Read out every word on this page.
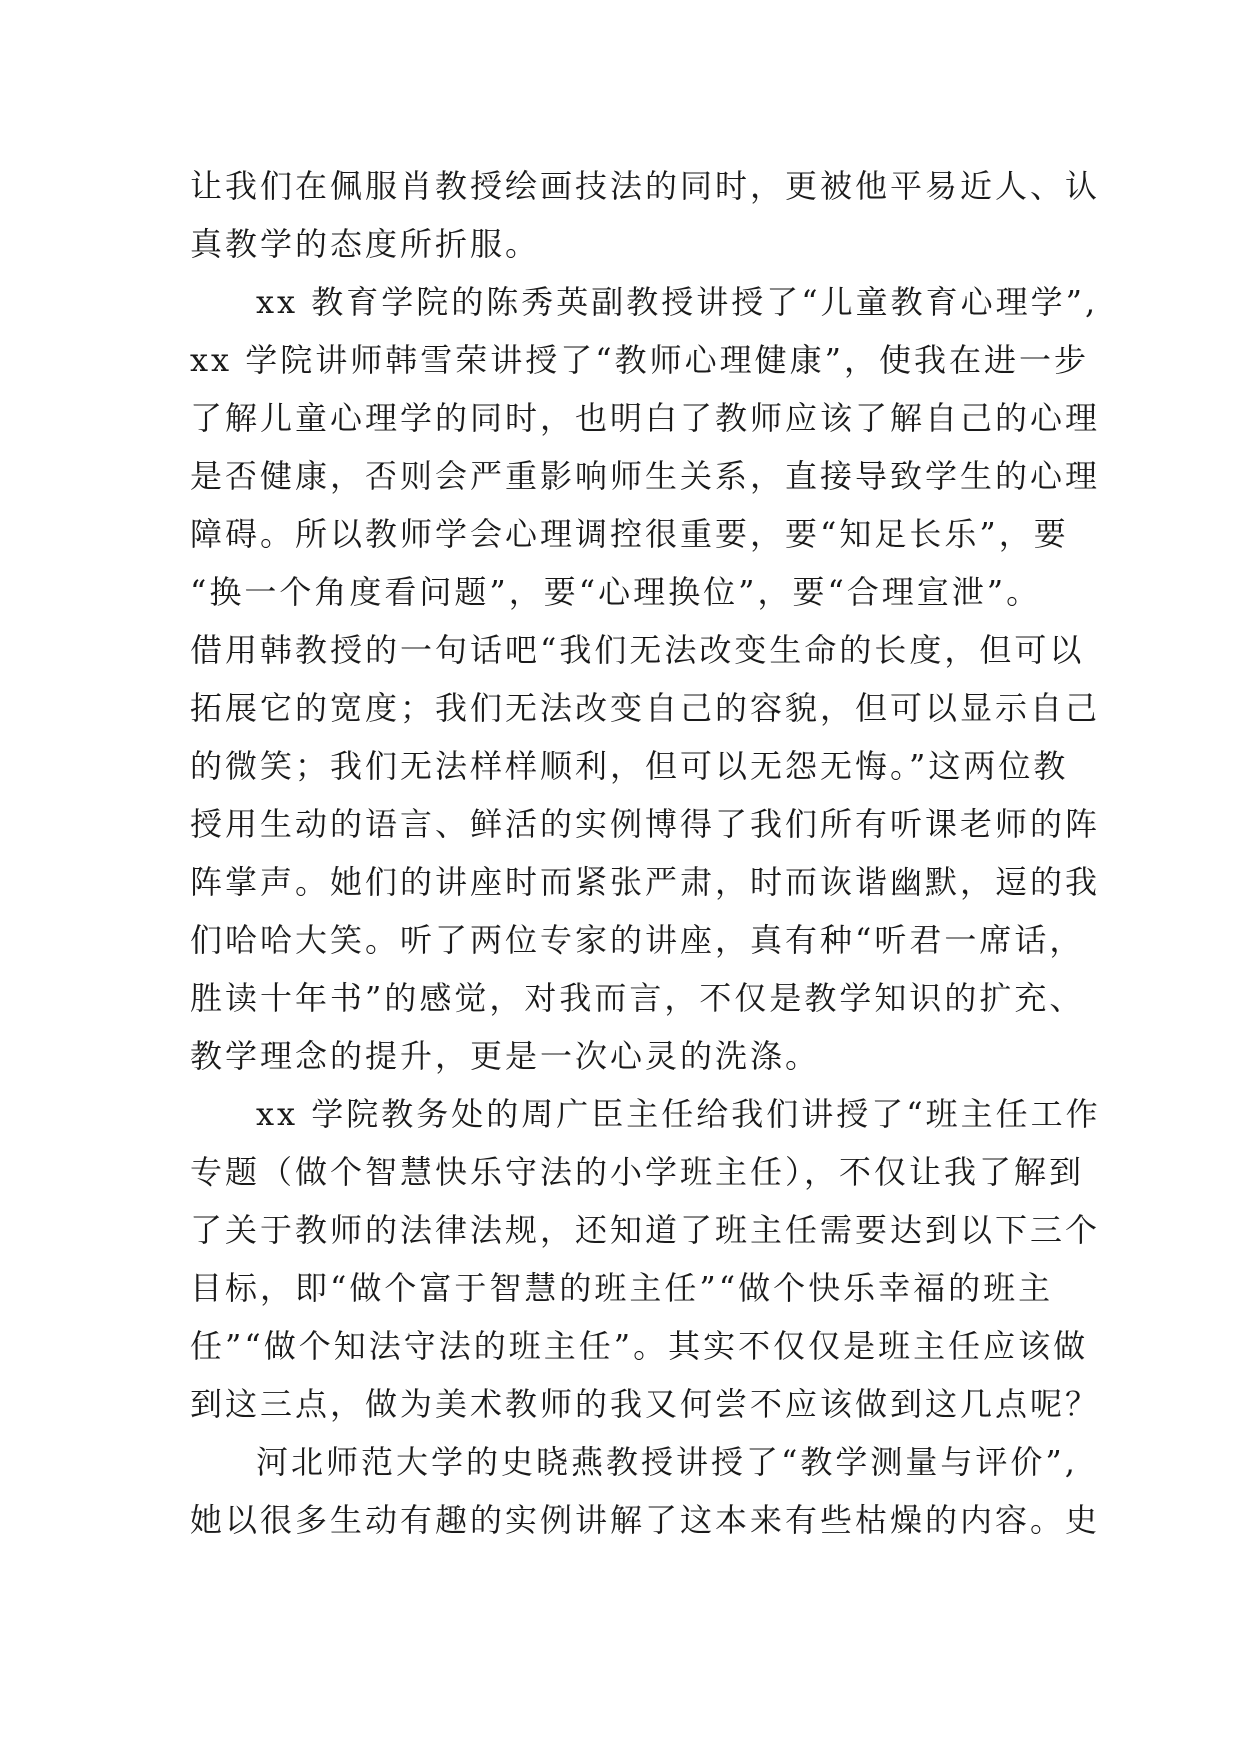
让我们在佩服肖教授绘画技法的同时，更被他平易近人、认
真教学的态度所折服。
xx 教育学院的陈秀英副教授讲授了“儿童教育心理学”,
xx 学院讲师韩雪荣讲授了“教师心理健康”，使我在进一步
了解儿童心理学的同时，也明白了教师应该了解自己的心理
是否健康，否则会严重影响师生关系，直接导致学生的心理
障碍。所以教师学会心理调控很重要，要“知足长乐”，要
“换一个角度看问题”，要“心理换位”，要“合理宣泄”。
借用韩教授的一句话吧“我们无法改变生命的长度，但可以
拓展它的宽度；我们无法改变自己的容貌，但可以显示自己
的微笑；我们无法样样顺利，但可以无怨无悔。”这两位教
授用生动的语言、鲜活的实例博得了我们所有听课老师的阵
阵掌声。她们的讲座时而紧张严肃，时而诙谐幽默，逗的我
们哈哈大笑。听了两位专家的讲座，真有种“听君一席话，
胜读十年书”的感觉，对我而言，不仅是教学知识的扩充、
教学理念的提升，更是一次心灵的洗涤。
xx 学院教务处的周广臣主任给我们讲授了“班主任工作
专题（做个智慧快乐守法的小学班主任），不仅让我了解到
了关于教师的法律法规，还知道了班主任需要达到以下三个
目标，即“做个富于智慧的班主任”“做个快乐幸福的班主
任”“做个知法守法的班主任”。其实不仅仅是班主任应该做
到这三点，做为美术教师的我又何尝不应该做到这几点呢？
河北师范大学的史晓燕教授讲授了“教学测量与评价”,
她以很多生动有趣的实例讲解了这本来有些枯燥的内容。史
